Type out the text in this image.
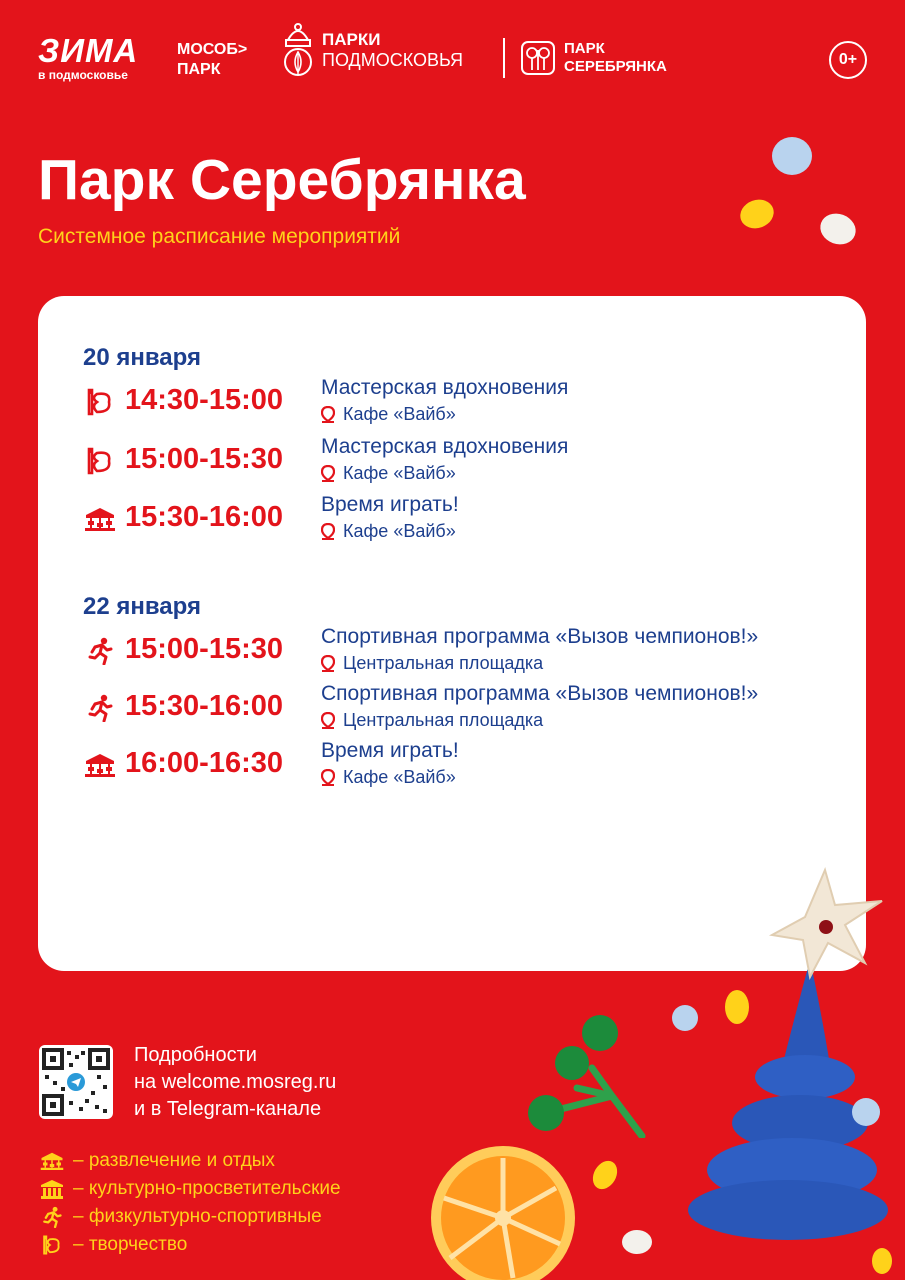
ЗИМА
в подмосковье
МОСОБ>
ПАРК
ПАРКИ
ПОДМОСКОВЬЯ
ПАРК
СЕРЕБРЯНКА	0+
Парк Серебрянка
Системное расписание мероприятий
20 января
14:30-15:00 Мастерская вдохновения
Кафе «Вайб»
15:00-15:30 Мастерская вдохновения
Кафе «Вайб»
15:30-16:00 Время играть!
Кафе «Вайб»
22 января
15:00-15:30 Спортивная программа «Вызов чемпионов!»
Центральная площадка
15:30-16:00 Спортивная программа «Вызов чемпионов!»
Центральная площадка
16:00-16:30 Время играть!
Кафе «Вайб»
Подробности
на welcome.mosreg.ru
и в Telegram-канале
– развлечение и отдых
– культурно-просветительские
– физкультурно-спортивные
– творчество
